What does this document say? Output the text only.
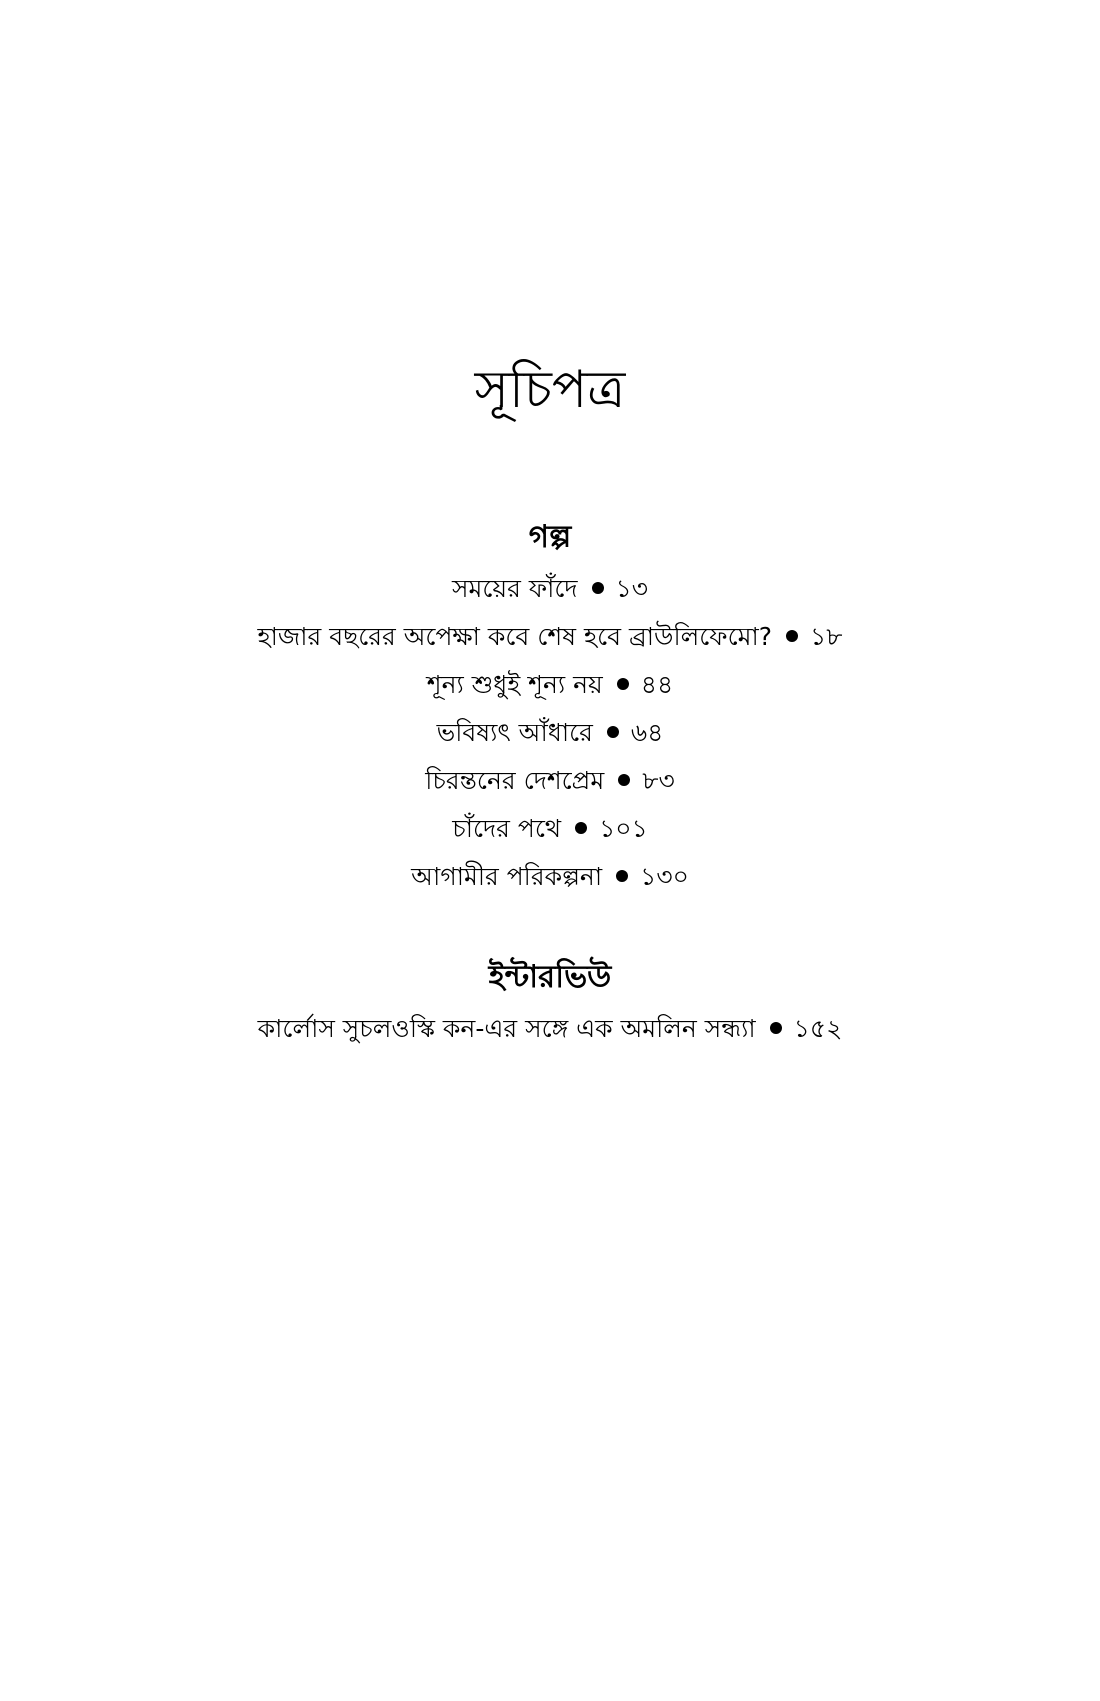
সূচিপত্র
গল্প
সময়ের ফাঁদে ১৩
হাজার বছরের অপেক্ষা কবে শেষ হবে ব্রাউলিফেমো? ১৮
শূন্য শুধুই শূন্য নয় ৪৪
ভবিষ্যৎ আঁধারে ৬৪
চিরন্তনের দেশপ্রেম ৮৩
চাঁদের পথে ১০১
আগামীর পরিকল্পনা ১৩০
ইন্টারভিউ
কার্লোস সুচলওস্কি কন-এর সঙ্গে এক অমলিন সন্ধ্যা ১৫২
